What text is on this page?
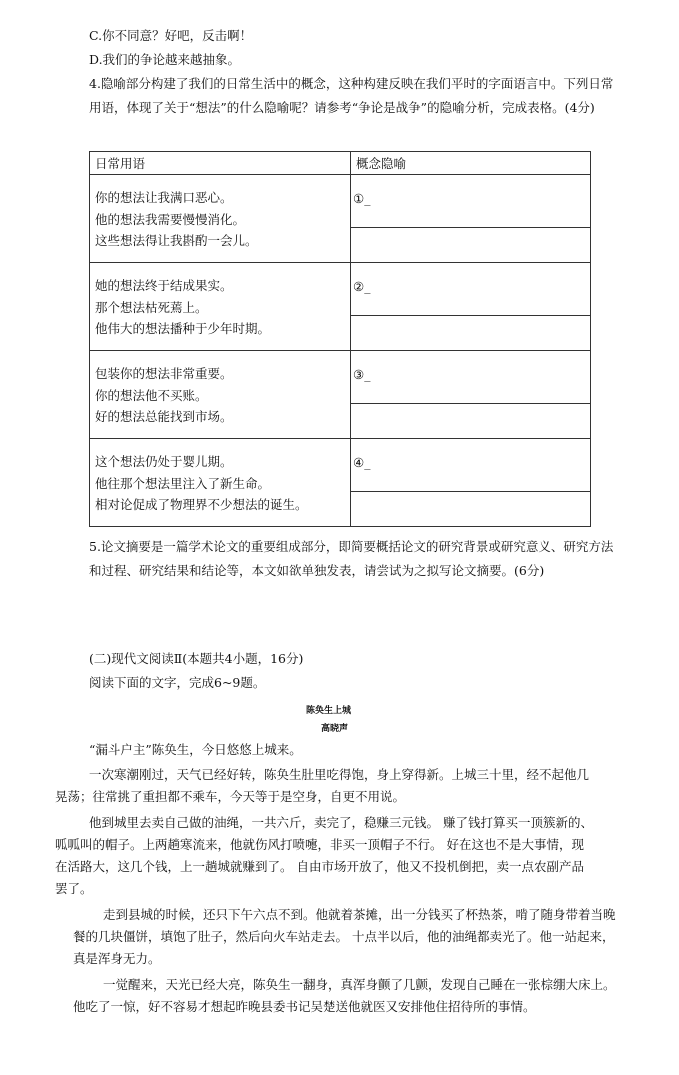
C.你不同意？好吧，反击啊！
D.我们的争论越来越抽象。
4.隐喻部分构建了我们的日常生活中的概念，这种构建反映在我们平时的字面语言中。下列日常
用语，体现了关于“想法”的什么隐喻呢？请参考“争论是战争”的隐喻分析，完成表格。(4分)
日常用语	概念隐喻

你的想法让我满口恶心。
他的想法我需要慢慢消化。
这些想法得让我斟酌一会儿。	①_

她的想法终于结成果实。
那个想法枯死蔫上。
他伟大的想法播种于少年时期。	②_

包装你的想法非常重要。
你的想法他不买账。
好的想法总能找到市场。	③_

这个想法仍处于婴儿期。
他往那个想法里注入了新生命。
相对论促成了物理界不少想法的诞生。	④_
5.论文摘要是一篇学术论文的重要组成部分，即简要概括论文的研究背景或研究意义、研究方法
和过程、研究结果和结论等，本文如欲单独发表，请尝试为之拟写论文摘要。(6分)
(二)现代文阅读Ⅱ(本题共4小题，16分)
阅读下面的文字，完成6~9题。
陈奂生上城
高晓声
“漏斗户主”陈奂生，今日悠悠上城来。
一次寒潮刚过，天气已经好转，陈奂生肚里吃得饱，身上穿得新。上城三十里，经不起他几
晃荡；往常挑了重担都不乘车，今天等于是空身，自更不用说。
他到城里去卖自己做的油绳，一共六斤，卖完了，稳赚三元钱。 赚了钱打算买一顶簇新的、
呱呱叫的帽子。上两趟寒流来，他就伤风打喷嚏，非买一顶帽子不行。 好在这也不是大事情，现
在活路大，这几个钱，上一趟城就赚到了。 自由市场开放了，他又不投机倒把，卖一点农副产品
罢了。
走到县城的时候，还只下午六点不到。他就着茶摊，出一分钱买了杯热茶，啃了随身带着当晚
餐的几块僵饼，填饱了肚子，然后向火车站走去。 十点半以后，他的油绳都卖光了。他一站起来，
真是浑身无力。
一觉醒来，天光已经大亮，陈奂生一翻身，真浑身颤了几颤，发现自己睡在一张棕绷大床上。
他吃了一惊，好不容易才想起昨晚县委书记吴楚送他就医又安排他住招待所的事情。
